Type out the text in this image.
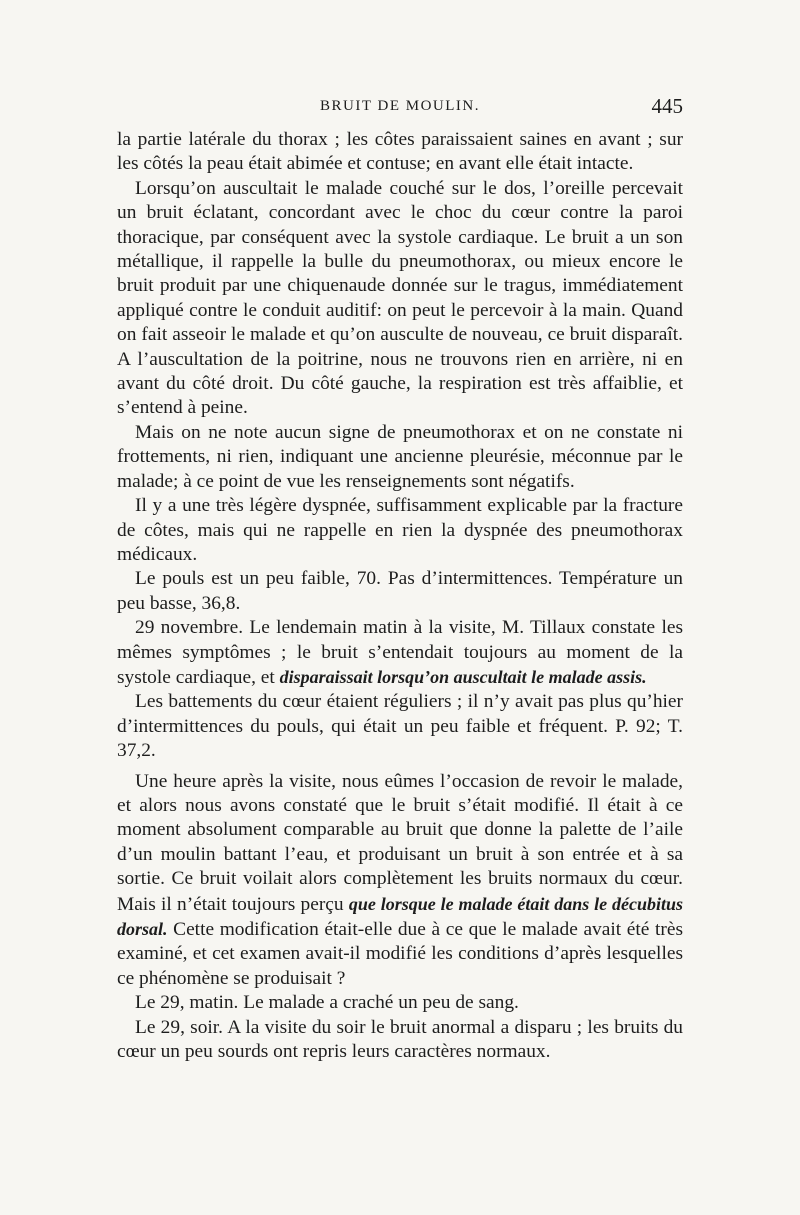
BRUIT DE MOULIN.	445

la partie latérale du thorax ; les côtes paraissaient saines en avant ; sur les côtés la peau était abimée et contuse; en avant elle était intacte.

Lorsqu’on auscultait le malade couché sur le dos, l’oreille percevait un bruit éclatant, concordant avec le choc du cœur contre la paroi thoracique, par conséquent avec la systole cardiaque. Le bruit a un son métallique, il rappelle la bulle du pneumothorax, ou mieux encore le bruit produit par une chiquenaude donnée sur le tragus, immédiatement appliqué contre le conduit auditif: on peut le percevoir à la main. Quand on fait asseoir le malade et qu’on ausculte de nouveau, ce bruit disparaît. A l’auscultation de la poitrine, nous ne trouvons rien en arrière, ni en avant du côté droit. Du côté gauche, la respiration est très affaiblie, et s’entend à peine.

Mais on ne note aucun signe de pneumothorax et on ne constate ni frottements, ni rien, indiquant une ancienne pleurésie, méconnue par le malade; à ce point de vue les renseignements sont négatifs.

Il y a une très légère dyspnée, suffisamment explicable par la fracture de côtes, mais qui ne rappelle en rien la dyspnée des pneumothorax médicaux.

Le pouls est un peu faible, 70. Pas d’intermittences. Température un peu basse, 36,8.

29 novembre. Le lendemain matin à la visite, M. Tillaux constate les mêmes symptômes ; le bruit s’entendait toujours au moment de la systole cardiaque, et disparaissait lorsqu’on auscultait le malade assis.

Les battements du cœur étaient réguliers ; il n’y avait pas plus qu’hier d’intermittences du pouls, qui était un peu faible et fréquent. P. 92; T. 37,2.

Une heure après la visite, nous eûmes l’occasion de revoir le malade, et alors nous avons constaté que le bruit s’était modifié. Il était à ce moment absolument comparable au bruit que donne la palette de l’aile d’un moulin battant l’eau, et produisant un bruit à son entrée et à sa sortie. Ce bruit voilait alors complètement les bruits normaux du cœur. Mais il n’était toujours perçu que lorsque le malade était dans le décubitus dorsal. Cette modification était-elle due à ce que le malade avait été très examiné, et cet examen avait-il modifié les conditions d’après lesquelles ce phénomène se produisait ?

Le 29, matin. Le malade a craché un peu de sang.

Le 29, soir. A la visite du soir le bruit anormal a disparu ; les bruits du cœur un peu sourds ont repris leurs caractères normaux.
